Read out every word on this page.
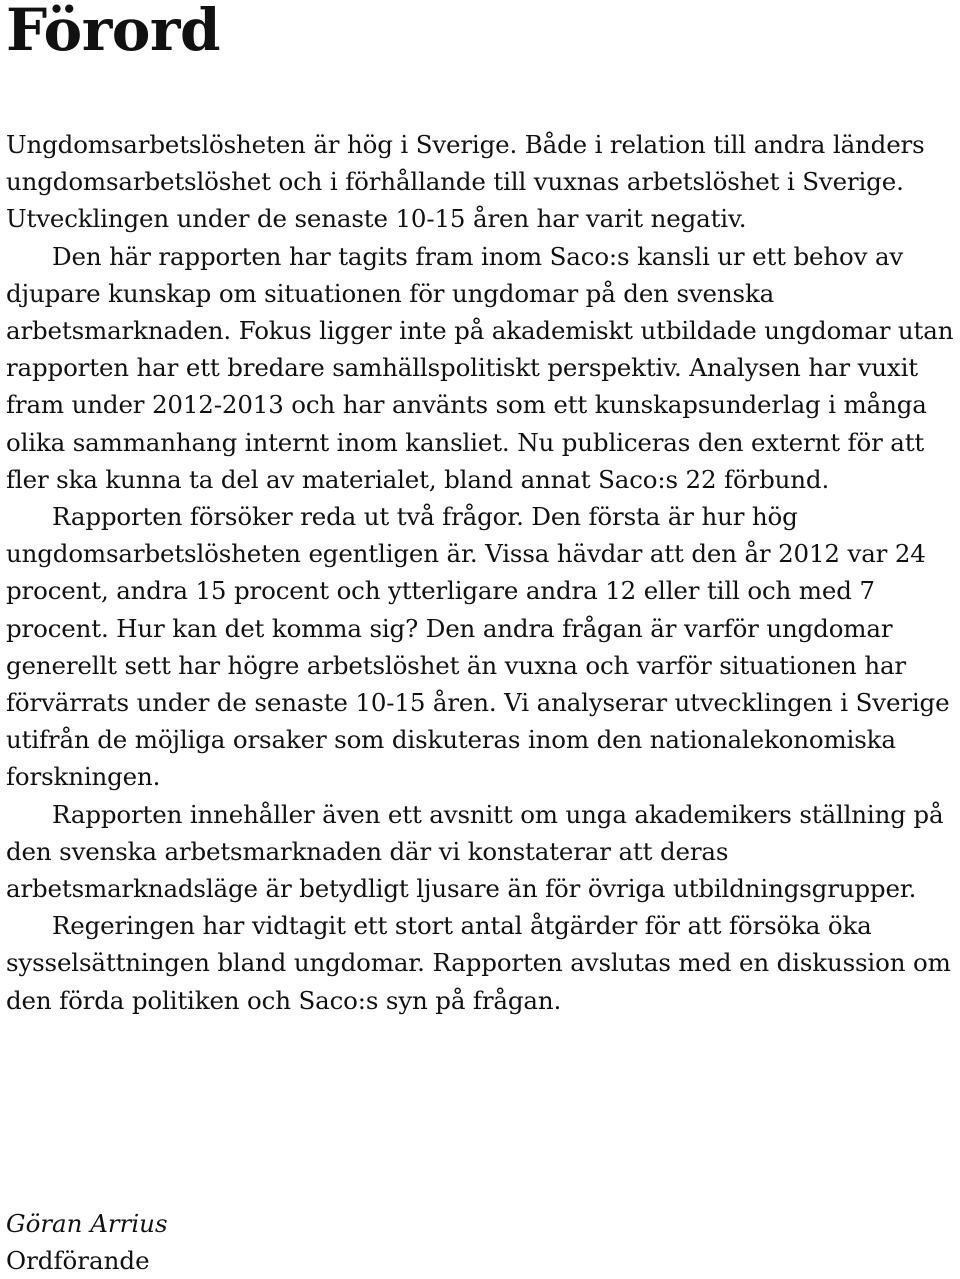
Förord

Ungdomsarbetslösheten är hög i Sverige. Både i relation till andra länders ungdomsarbetslöshet och i förhållande till vuxnas arbetslöshet i Sverige. Utvecklingen under de senaste 10-15 åren har varit negativ.

Den här rapporten har tagits fram inom Saco:s kansli ur ett behov av djupare kunskap om situationen för ungdomar på den svenska arbetsmarknaden. Fokus ligger inte på akademiskt utbildade ungdomar utan rapporten har ett bredare samhällspolitiskt perspektiv. Analysen har vuxit fram under 2012-2013 och har använts som ett kunskapsunderlag i många olika sammanhang internt inom kansliet. Nu publiceras den externt för att fler ska kunna ta del av materialet, bland annat Saco:s 22 förbund.

Rapporten försöker reda ut två frågor. Den första är hur hög ungdomsarbetslösheten egentligen är. Vissa hävdar att den år 2012 var 24 procent, andra 15 procent och ytterligare andra 12 eller till och med 7 procent. Hur kan det komma sig? Den andra frågan är varför ungdomar generellt sett har högre arbetslöshet än vuxna och varför situationen har förvärrats under de senaste 10-15 åren. Vi analyserar utvecklingen i Sverige utifrån de möjliga orsaker som diskuteras inom den nationalekonomiska forskningen.

Rapporten innehåller även ett avsnitt om unga akademikers ställning på den svenska arbetsmarknaden där vi konstaterar att deras arbetsmarknadsläge är betydligt ljusare än för övriga utbildningsgrupper.

Regeringen har vidtagit ett stort antal åtgärder för att försöka öka sysselsättningen bland ungdomar. Rapporten avslutas med en diskussion om den förda politiken och Saco:s syn på frågan.

Göran Arrius
Ordförande
